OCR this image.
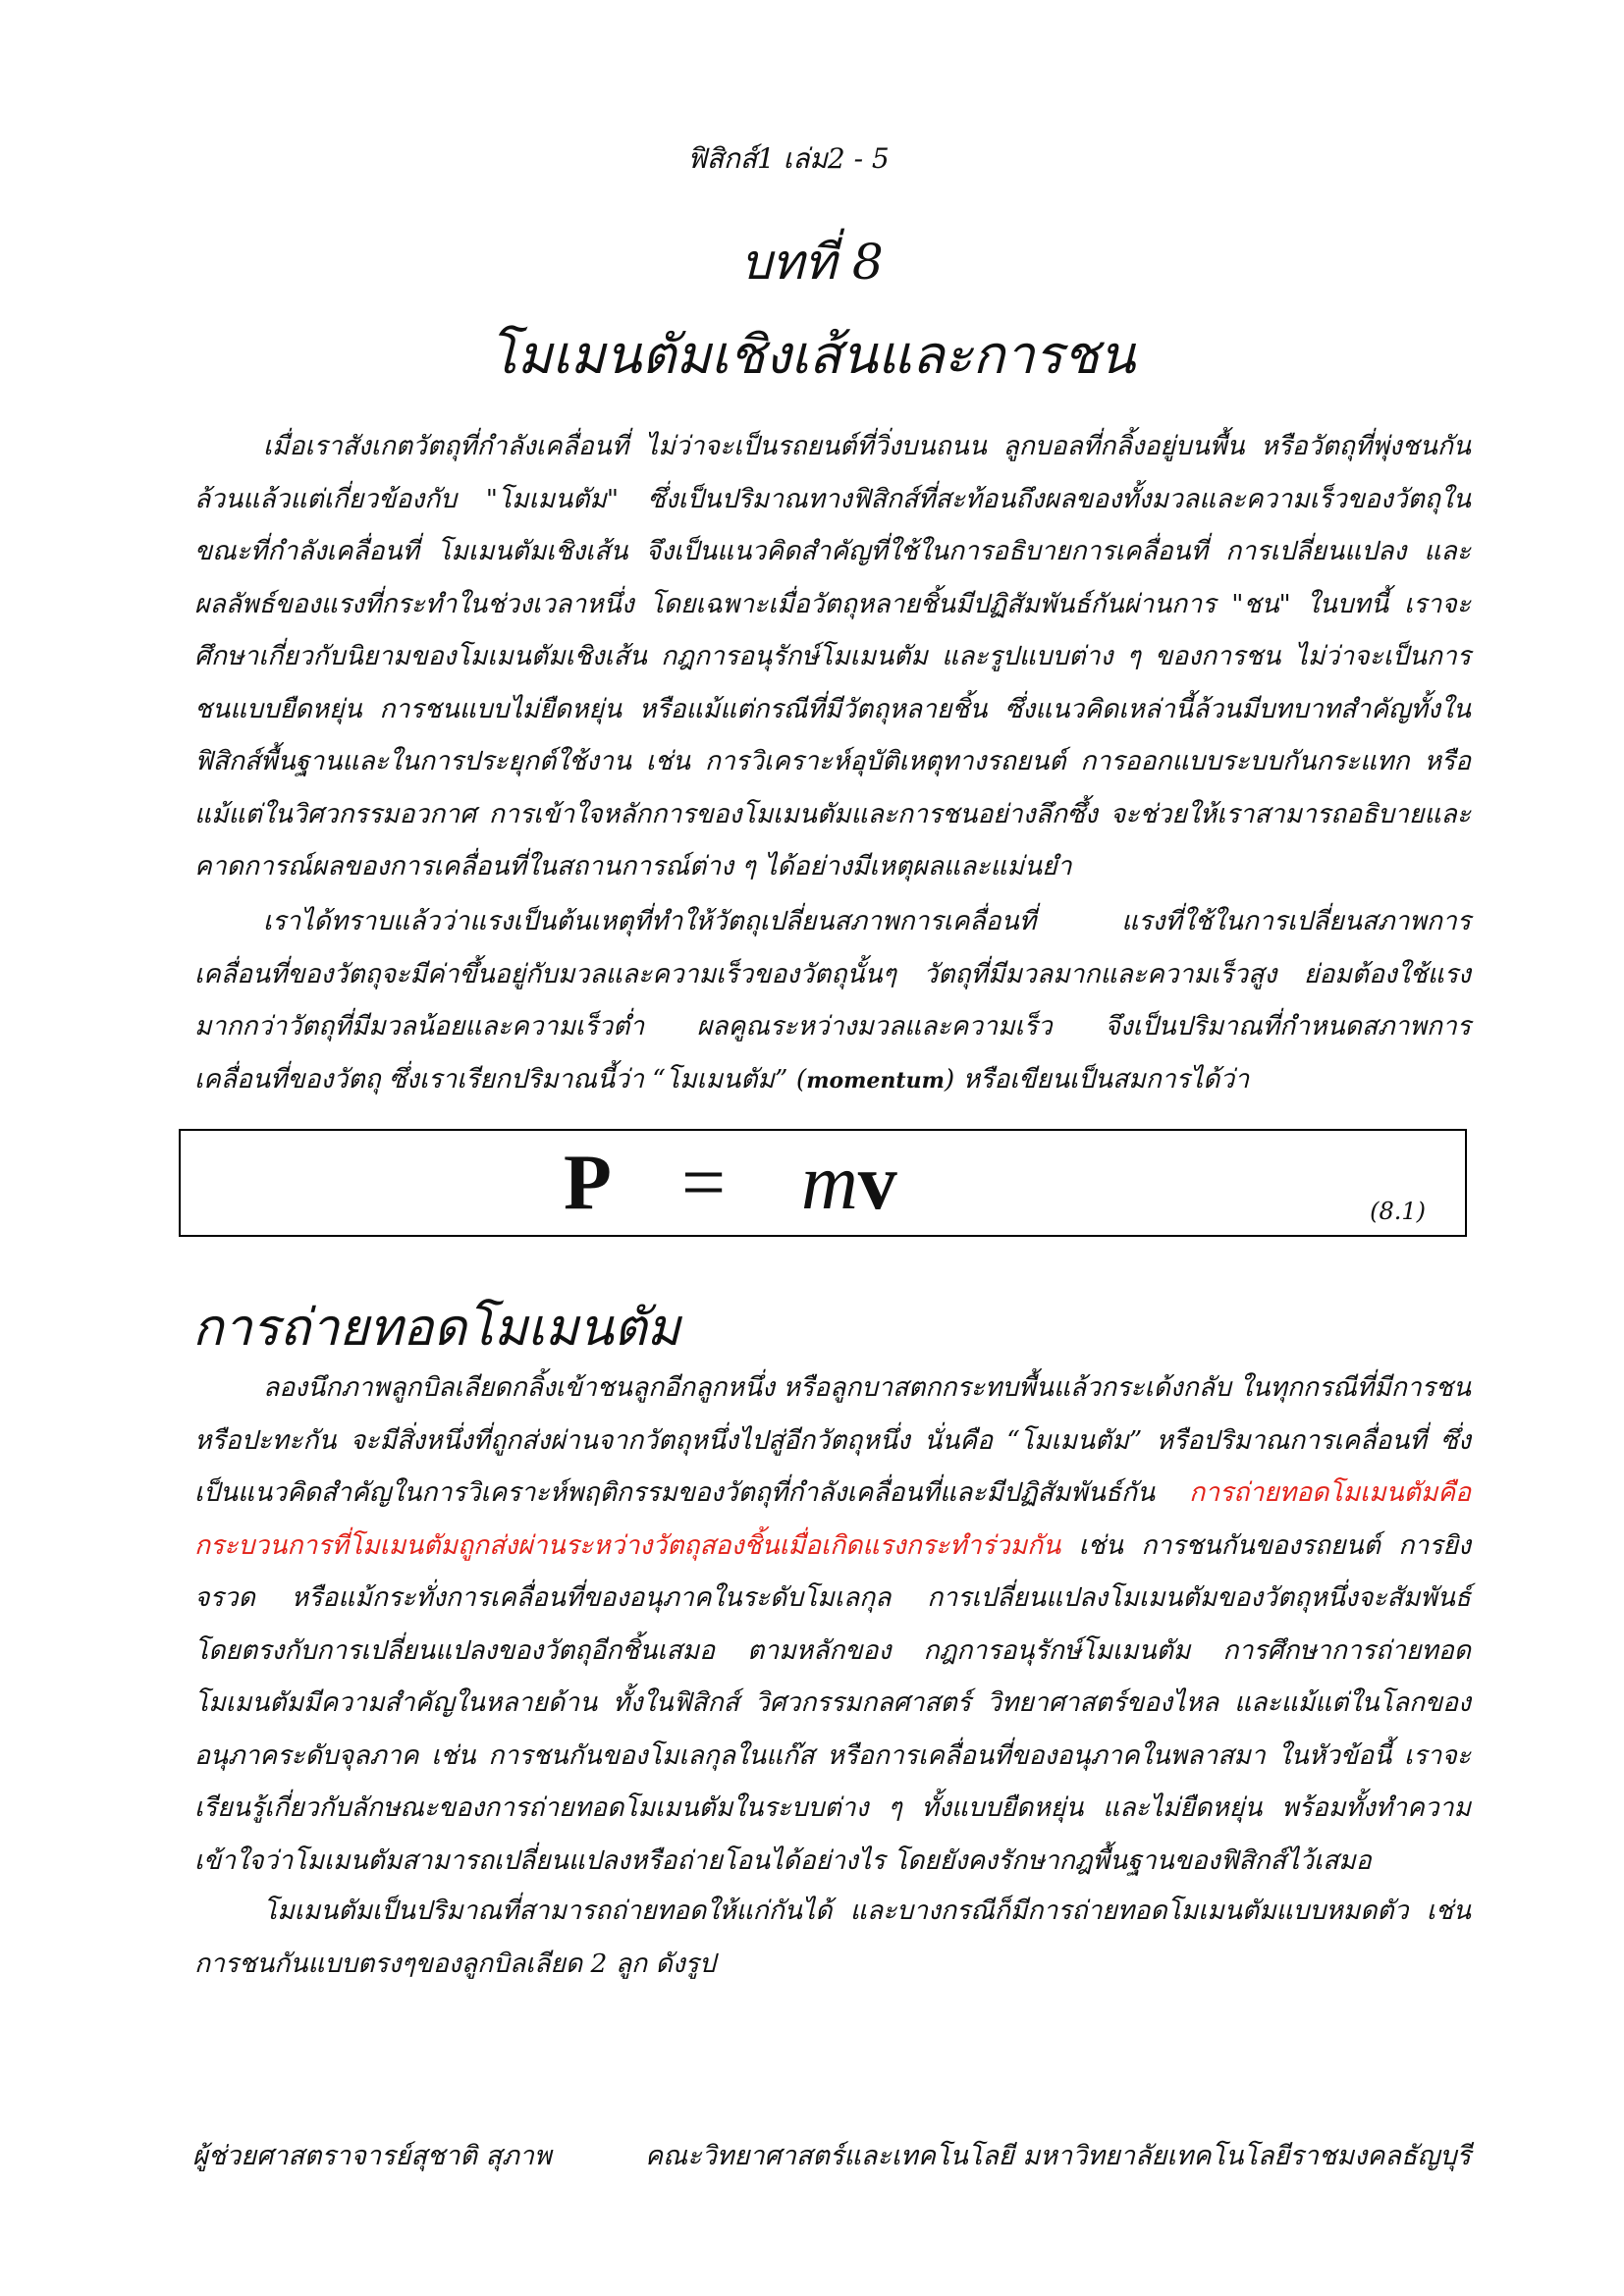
ฟิสิกส์1 เล่ม2 - 5
บทที่ 8
โมเมนตัมเชิงเส้นและการชน

เมื่อเราสังเกตวัตถุที่กำลังเคลื่อนที่ ไม่ว่าจะเป็นรถยนต์ที่วิ่งบนถนน ลูกบอลที่กลิ้งอยู่บนพื้น หรือวัตถุที่พุ่งชนกัน ล้วนแล้วแต่เกี่ยวข้องกับ "โมเมนตัม" ซึ่งเป็นปริมาณทางฟิสิกส์ที่สะท้อนถึงผลของทั้งมวลและความเร็วของวัตถุในขณะที่กำลังเคลื่อนที่ โมเมนตัมเชิงเส้น จึงเป็นแนวคิดสำคัญที่ใช้ในการอธิบายการเคลื่อนที่ การเปลี่ยนแปลง และผลลัพธ์ของแรงที่กระทำในช่วงเวลาหนึ่ง โดยเฉพาะเมื่อวัตถุหลายชิ้นมีปฏิสัมพันธ์กันผ่านการ "ชน" ในบทนี้ เราจะศึกษาเกี่ยวกับนิยามของโมเมนตัมเชิงเส้น กฎการอนุรักษ์โมเมนตัม และรูปแบบต่าง ๆ ของการชน ไม่ว่าจะเป็นการชนแบบยืดหยุ่น การชนแบบไม่ยืดหยุ่น หรือแม้แต่กรณีที่มีวัตถุหลายชิ้น ซึ่งแนวคิดเหล่านี้ล้วนมีบทบาทสำคัญทั้งในฟิสิกส์พื้นฐานและในการประยุกต์ใช้งาน เช่น การวิเคราะห์อุบัติเหตุทางรถยนต์ การออกแบบระบบกันกระแทก หรือแม้แต่ในวิศวกรรมอวกาศ การเข้าใจหลักการของโมเมนตัมและการชนอย่างลึกซึ้ง จะช่วยให้เราสามารถอธิบายและคาดการณ์ผลของการเคลื่อนที่ในสถานการณ์ต่าง ๆ ได้อย่างมีเหตุผลและแม่นยำ

เราได้ทราบแล้วว่าแรงเป็นต้นเหตุที่ทำให้วัตถุเปลี่ยนสภาพการเคลื่อนที่ แรงที่ใช้ในการเปลี่ยนสภาพการเคลื่อนที่ของวัตถุจะมีค่าขึ้นอยู่กับมวลและความเร็วของวัตถุนั้นๆ วัตถุที่มีมวลมากและความเร็วสูง ย่อมต้องใช้แรงมากกว่าวัตถุที่มีมวลน้อยและความเร็วต่ำ ผลคูณระหว่างมวลและความเร็ว จึงเป็นปริมาณที่กำหนดสภาพการเคลื่อนที่ของวัตถุ ซึ่งเราเรียกปริมาณนี้ว่า “โมเมนตัม” (momentum) หรือเขียนเป็นสมการได้ว่า

P = mv	(8.1)
การถ่ายทอดโมเมนตัม

ลองนึกภาพลูกบิลเลียดกลิ้งเข้าชนลูกอีกลูกหนึ่ง หรือลูกบาสตกกระทบพื้นแล้วกระเด้งกลับ ในทุกกรณีที่มีการชนหรือปะทะกัน จะมีสิ่งหนึ่งที่ถูกส่งผ่านจากวัตถุหนึ่งไปสู่อีกวัตถุหนึ่ง นั่นคือ “โมเมนตัม” หรือปริมาณการเคลื่อนที่ ซึ่งเป็นแนวคิดสำคัญในการวิเคราะห์พฤติกรรมของวัตถุที่กำลังเคลื่อนที่และมีปฏิสัมพันธ์กัน การถ่ายทอดโมเมนตัมคือกระบวนการที่โมเมนตัมถูกส่งผ่านระหว่างวัตถุสองชิ้นเมื่อเกิดแรงกระทำร่วมกัน เช่น การชนกันของรถยนต์ การยิงจรวด หรือแม้กระทั่งการเคลื่อนที่ของอนุภาคในระดับโมเลกุล การเปลี่ยนแปลงโมเมนตัมของวัตถุหนึ่งจะสัมพันธ์โดยตรงกับการเปลี่ยนแปลงของวัตถุอีกชิ้นเสมอ ตามหลักของ กฎการอนุรักษ์โมเมนตัม การศึกษาการถ่ายทอดโมเมนตัมมีความสำคัญในหลายด้าน ทั้งในฟิสิกส์ วิศวกรรมกลศาสตร์ วิทยาศาสตร์ของไหล และแม้แต่ในโลกของอนุภาคระดับจุลภาค เช่น การชนกันของโมเลกุลในแก๊ส หรือการเคลื่อนที่ของอนุภาคในพลาสมา ในหัวข้อนี้ เราจะเรียนรู้เกี่ยวกับลักษณะของการถ่ายทอดโมเมนตัมในระบบต่าง ๆ ทั้งแบบยืดหยุ่น และไม่ยืดหยุ่น พร้อมทั้งทำความเข้าใจว่าโมเมนตัมสามารถเปลี่ยนแปลงหรือถ่ายโอนได้อย่างไร โดยยังคงรักษากฎพื้นฐานของฟิสิกส์ไว้เสมอ

โมเมนตัมเป็นปริมาณที่สามารถถ่ายทอดให้แก่กันได้ และบางกรณีก็มีการถ่ายทอดโมเมนตัมแบบหมดตัว เช่น การชนกันแบบตรงๆของลูกบิลเลียด 2 ลูก ดังรูป

ผู้ช่วยศาสตราจารย์สุชาติ สุภาพ	คณะวิทยาศาสตร์และเทคโนโลยี มหาวิทยาลัยเทคโนโลยีราชมงคลธัญบุรี
